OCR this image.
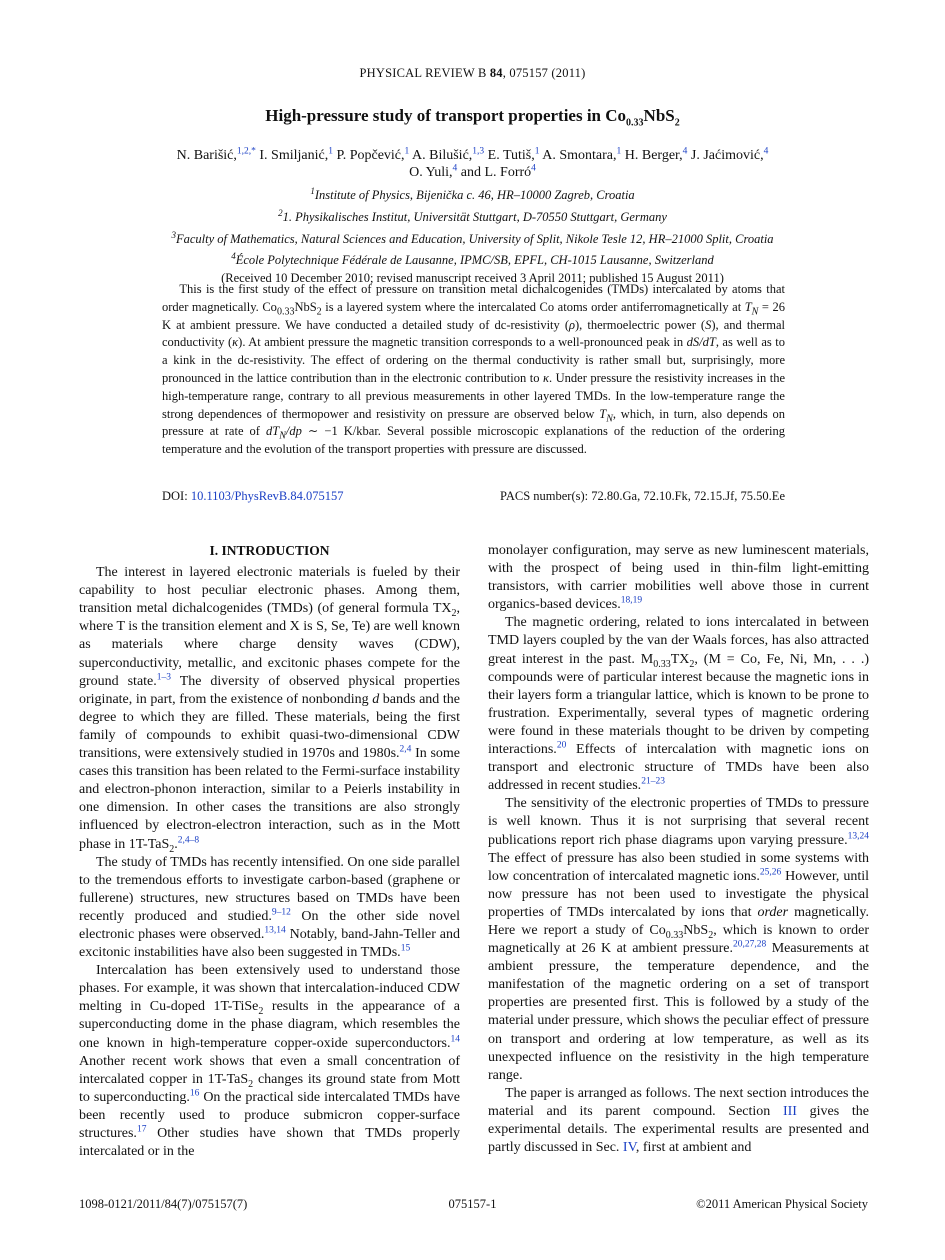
PHYSICAL REVIEW B 84, 075157 (2011)
High-pressure study of transport properties in $Co_{0.33}NbS_2$
N. Barišić,$^{1,2,*}$ I. Smiljanić,$^1$ P. Popčević,$^1$ A. Bilušić,$^{1,3}$ E. Tutiš,$^1$ A. Smontara,$^1$ H. Berger,$^4$ J. Jaćimović,$^4$
O. Yuli,$^4$ and L. Forró$^4$
$^1$Institute of Physics, Bijenička c. 46, HR–10000 Zagreb, Croatia
$^2$1. Physikalisches Institut, Universität Stuttgart, D-70550 Stuttgart, Germany
$^3$Faculty of Mathematics, Natural Sciences and Education, University of Split, Nikole Tesle 12, HR–21000 Split, Croatia
$^4$École Polytechnique Fédérale de Lausanne, IPMC/SB, EPFL, CH-1015 Lausanne, Switzerland
(Received 10 December 2010; revised manuscript received 3 April 2011; published 15 August 2011)
This is the first study of the effect of pressure on transition metal dichalcogenides (TMDs) intercalated by atoms that order magnetically. $Co_{0.33}NbS_2$ is a layered system where the intercalated Co atoms order antiferromagnetically at $T_N = 26$ K at ambient pressure. We have conducted a detailed study of dc-resistivity (ρ), thermoelectric power (S), and thermal conductivity (κ). At ambient pressure the magnetic transition corresponds to a well-pronounced peak in dS/dT, as well as to a kink in the dc-resistivity. The effect of ordering on the thermal conductivity is rather small but, surprisingly, more pronounced in the lattice contribution than in the electronic contribution to κ. Under pressure the resistivity increases in the high-temperature range, contrary to all previous measurements in other layered TMDs. In the low-temperature range the strong dependences of thermopower and resistivity on pressure are observed below $T_N$, which, in turn, also depends on pressure at rate of $dT_N/dp$ ∼ −1 K/kbar. Several possible microscopic explanations of the reduction of the ordering temperature and the evolution of the transport properties with pressure are discussed.
DOI: 10.1103/PhysRevB.84.075157	PACS number(s): 72.80.Ga, 72.10.Fk, 72.15.Jf, 75.50.Ee
I. INTRODUCTION

The interest in layered electronic materials is fueled by their capability to host peculiar electronic phases. Among them, transition metal dichalcogenides (TMDs) (of general formula $TX_2$, where T is the transition element and X is S, Se, Te) are well known as materials where charge density waves (CDW), superconductivity, metallic, and excitonic phases compete for the ground state.$^{1-3}$ The diversity of observed physical properties originate, in part, from the existence of nonbonding d bands and the degree to which they are filled. These materials, being the first family of compounds to exhibit quasi-two-dimensional CDW transitions, were extensively studied in 1970s and 1980s.$^{2,4}$ In some cases this transition has been related to the Fermi-surface instability and electron-phonon interaction, similar to a Peierls instability in one dimension. In other cases the transitions are also strongly influenced by electron-electron interaction, such as in the Mott phase in 1T-TaS$_2$.$^{2,4-8}$

The study of TMDs has recently intensified. On one side parallel to the tremendous efforts to investigate carbon-based (graphene or fullerene) structures, new structures based on TMDs have been recently produced and studied.$^{9-12}$ On the other side novel electronic phases were observed.$^{13,14}$ Notably, band-Jahn-Teller and excitonic instabilities have also been suggested in TMDs.$^{15}$

Intercalation has been extensively used to understand those phases. For example, it was shown that intercalation-induced CDW melting in Cu-doped 1T-TiSe$_2$ results in the appearance of a superconducting dome in the phase diagram, which resembles the one known in high-temperature copper-oxide superconductors.$^{14}$ Another recent work shows that even a small concentration of intercalated copper in 1T-TaS$_2$ changes its ground state from Mott to superconducting.$^{16}$ On the practical side intercalated TMDs have been recently used to produce submicron copper-surface structures.$^{17}$ Other studies have shown that TMDs properly intercalated or in the

monolayer configuration, may serve as new luminescent materials, with the prospect of being used in thin-film light-emitting transistors, with carrier mobilities well above those in current organics-based devices.$^{18,19}$

The magnetic ordering, related to ions intercalated in between TMD layers coupled by the van der Waals forces, has also attracted great interest in the past. $M_{0.33}TX_2$, (M = Co, Fe, Ni, Mn, . . .) compounds were of particular interest because the magnetic ions in their layers form a triangular lattice, which is known to be prone to frustration. Experimentally, several types of magnetic ordering were found in these materials thought to be driven by competing interactions.$^{20}$ Effects of intercalation with magnetic ions on transport and electronic structure of TMDs have been also addressed in recent studies.$^{21-23}$

The sensitivity of the electronic properties of TMDs to pressure is well known. Thus it is not surprising that several recent publications report rich phase diagrams upon varying pressure.$^{13,24}$ The effect of pressure has also been studied in some systems with low concentration of intercalated magnetic ions.$^{25,26}$ However, until now pressure has not been used to investigate the physical properties of TMDs intercalated by ions that order magnetically. Here we report a study of $Co_{0.33}NbS_2$, which is known to order magnetically at 26 K at ambient pressure.$^{20,27,28}$ Measurements at ambient pressure, the temperature dependence, and the manifestation of the magnetic ordering on a set of transport properties are presented first. This is followed by a study of the material under pressure, which shows the peculiar effect of pressure on transport and ordering at low temperature, as well as its unexpected influence on the resistivity in the high temperature range.

The paper is arranged as follows. The next section introduces the material and its parent compound. Section III gives the experimental details. The experimental results are presented and partly discussed in Sec. IV, first at ambient and

1098-0121/2011/84(7)/075157(7)	075157-1	©2011 American Physical Society
